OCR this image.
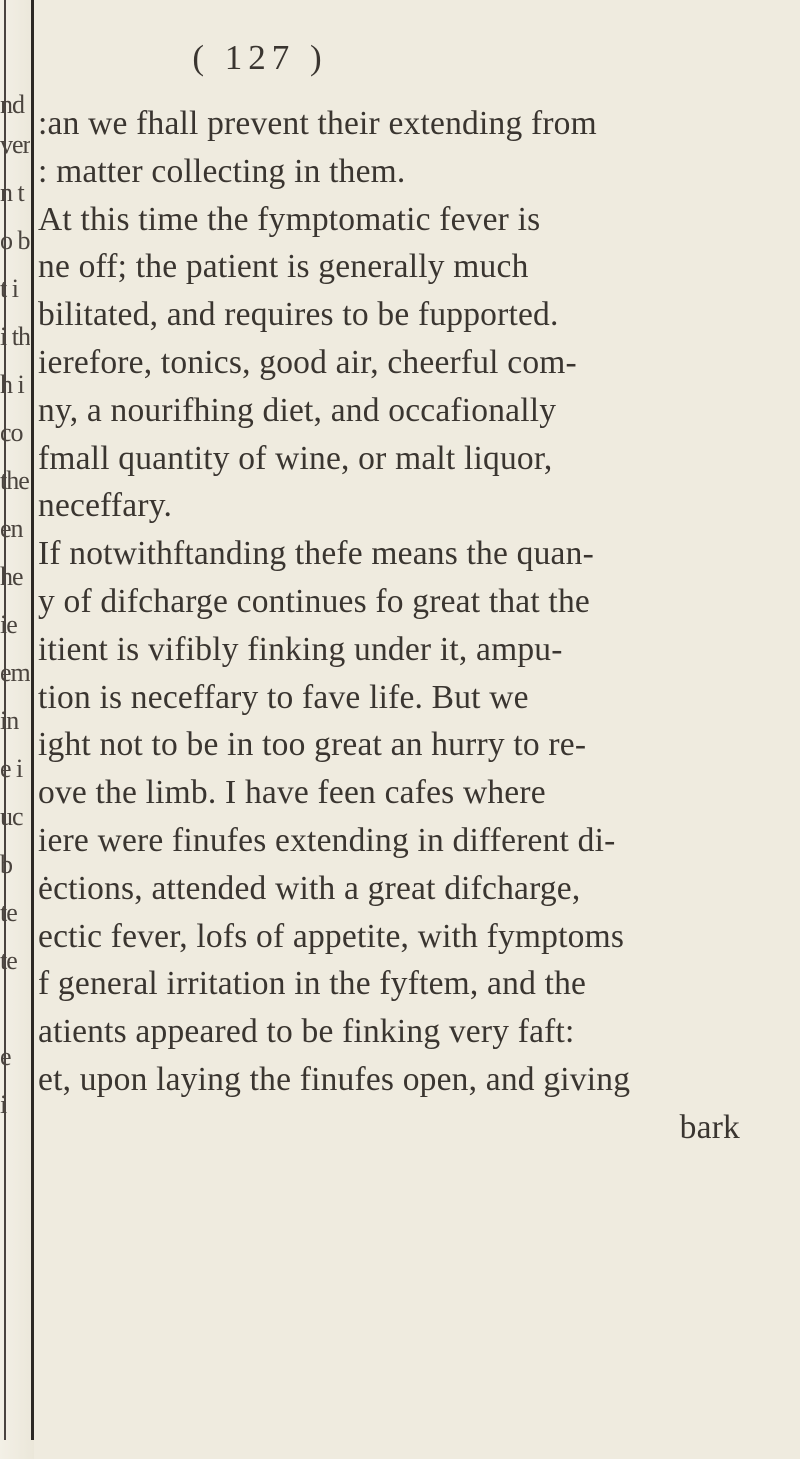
nd
ver
n t
o b
t i
i th
h i
co
the
en
he
ie
em
in
e i
uc
b
te
te
e
i
( 127 )
:an we fhall prevent their extending from
: matter collecting in them.
At this time the fymptomatic fever is
ne off; the patient is generally much
bilitated, and requires to be fupported.
ierefore, tonics, good air, cheerful com-
ny, a nourifhing diet, and occafionally
fmall quantity of wine, or malt liquor,
neceffary.
If notwithftanding thefe means the quan-
y of difcharge continues fo great that the
itient is vifibly finking under it, ampu-
tion is neceffary to fave life. But we
ight not to be in too great an hurry to re-
ove the limb. I have feen cafes where
iere were finufes extending in different di-
ėctions, attended with a great difcharge,
ectic fever, lofs of appetite, with fymptoms
f general irritation in the fyftem, and the
atients appeared to be finking very faft:
et, upon laying the finufes open, and giving
bark
